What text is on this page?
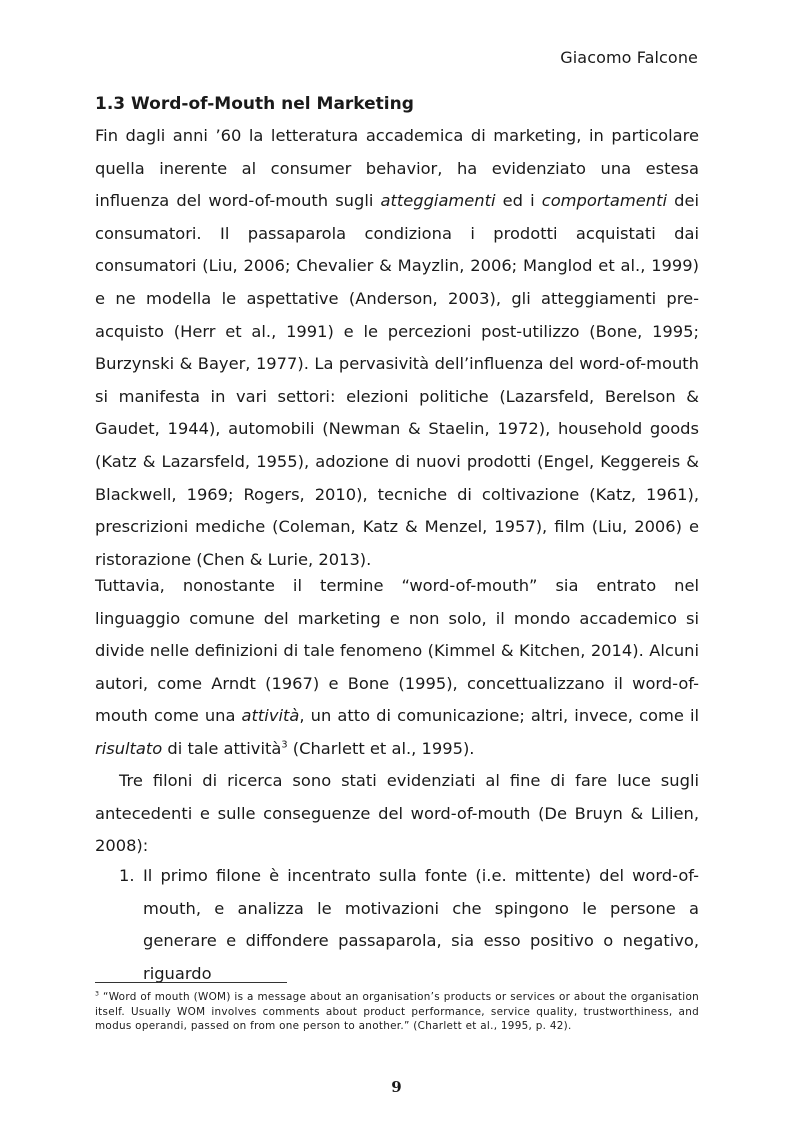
Giacomo Falcone
1.3 Word-of-Mouth nel Marketing

Fin dagli anni ’60 la letteratura accademica di marketing, in particolare quella inerente al consumer behavior, ha evidenziato una estesa influenza del word-of-mouth sugli atteggiamenti ed i comportamenti dei consumatori. Il passaparola condiziona i prodotti acquistati dai consumatori (Liu, 2006; Chevalier & Mayzlin, 2006; Manglod et al., 1999) e ne modella le aspettative (Anderson, 2003), gli atteggiamenti pre-acquisto (Herr et al., 1991) e le percezioni post-utilizzo (Bone, 1995; Burzynski & Bayer, 1977). La pervasività dell’influenza del word-of-mouth si manifesta in vari settori: elezioni politiche (Lazarsfeld, Berelson & Gaudet, 1944), automobili (Newman & Staelin, 1972), household goods (Katz & Lazarsfeld, 1955), adozione di nuovi prodotti (Engel, Keggereis & Blackwell, 1969; Rogers, 2010), tecniche di coltivazione (Katz, 1961), prescrizioni mediche (Coleman, Katz & Menzel, 1957), film (Liu, 2006) e ristorazione (Chen & Lurie, 2013).

Tuttavia, nonostante il termine “word-of-mouth” sia entrato nel linguaggio comune del marketing e non solo, il mondo accademico si divide nelle definizioni di tale fenomeno (Kimmel & Kitchen, 2014). Alcuni autori, come Arndt (1967) e Bone (1995), concettualizzano il word-of-mouth come una attività, un atto di comunicazione; altri, invece, come il risultato di tale attività$^3$ (Charlett et al., 1995).

Tre filoni di ricerca sono stati evidenziati al fine di fare luce sugli antecedenti e sulle conseguenze del word-of-mouth (De Bruyn & Lilien, 2008):

1. Il primo filone è incentrato sulla fonte (i.e. mittente) del word-of-mouth, e analizza le motivazioni che spingono le persone a generare e diffondere passaparola, sia esso positivo o negativo, riguardo

$^3$ “Word of mouth (WOM) is a message about an organisation’s products or services or about the organisation itself. Usually WOM involves comments about product performance, service quality, trustworthiness, and modus operandi, passed on from one person to another.” (Charlett et al., 1995, p. 42).

9
